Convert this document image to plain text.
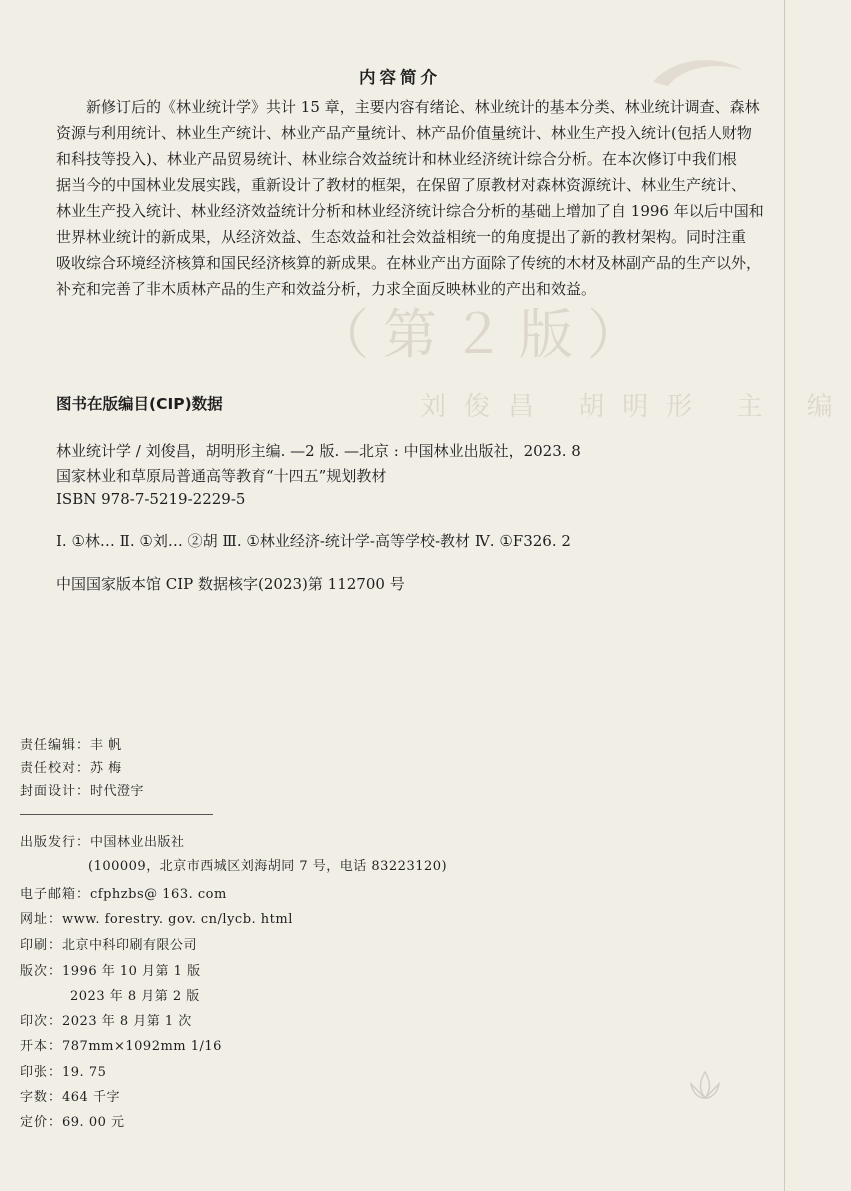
（第２版）
刘俊昌 胡明形 主 编
内容简介
新修订后的《林业统计学》共计 15 章，主要内容有绪论、林业统计的基本分类、林业统计调查、森林
资源与利用统计、林业生产统计、林业产品产量统计、林产品价值量统计、林业生产投入统计(包括人财物
和科技等投入)、林业产品贸易统计、林业综合效益统计和林业经济统计综合分析。在本次修订中我们根
据当今的中国林业发展实践，重新设计了教材的框架，在保留了原教材对森林资源统计、林业生产统计、
林业生产投入统计、林业经济效益统计分析和林业经济统计综合分析的基础上增加了自 1996 年以后中国和
世界林业统计的新成果，从经济效益、生态效益和社会效益相统一的角度提出了新的教材架构。同时注重
吸收综合环境经济核算和国民经济核算的新成果。在林业产出方面除了传统的木材及林副产品的生产以外，
补充和完善了非木质林产品的生产和效益分析，力求全面反映林业的产出和效益。
图书在版编目(CIP)数据
林业统计学 / 刘俊昌，胡明形主编. —2 版. —北京 : 中国林业出版社，2023. 8
国家林业和草原局普通高等教育“十四五”规划教材
ISBN 978-7-5219-2229-5
Ⅰ. ①林… Ⅱ. ①刘… ②胡 Ⅲ. ①林业经济-统计学-高等学校-教材 Ⅳ. ①F326. 2
中国国家版本馆 CIP 数据核字(2023)第 112700 号
责任编辑：丰 帆
责任校对：苏 梅
封面设计：时代澄宇
出版发行：中国林业出版社
(100009，北京市西城区刘海胡同 7 号，电话 83223120)
电子邮箱：cfphzbs@ 163. com
网址：www. forestry. gov. cn/lycb. html
印刷：北京中科印刷有限公司
版次：1996 年 10 月第 1 版
2023 年 8 月第 2 版
印次：2023 年 8 月第 1 次
开本：787mm×1092mm 1/16
印张：19. 75
字数：464 千字
定价：69. 00 元
